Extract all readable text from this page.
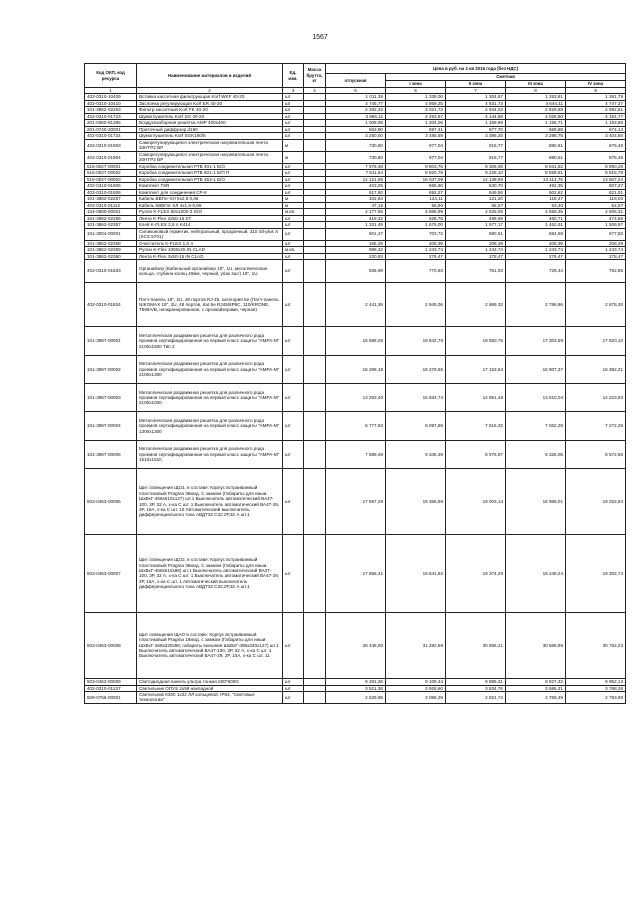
1567
Код ОКП, код ресурса	Наименование материалов и изделий	Ед. изм.	Масса брутто, кг	Цена в руб. на 2 кв 2016 года (без НДС)				
				отпускная	Сметная			
					I зона	II зона	III зона	IV зона
1	2	3	4	5	6	7	8	9
402-0310-10409	Вставка кассетная фильтрующая Korf WKF 40-20	шт		1 011,36	1 339,00	1 304,57	1 253,81	1 281,79
402-0310-10410	Заслонка регулирующая Korf ER 40-20	шт		3 745,77	4 959,25	4 831,73	4 644,11	4 747,37
101-3862-02263	Фильтр кассетный Korf FK 40-20	шт		2 282,33	3 021,72	2 944,02	2 829,69	2 892,61
402-0310-01723	Шумоглушитель Korf SG 40-20	шт		3 966,11	4 253,67	4 144,58	4 025,60	4 154,77
201-0360-81385	Воздухозаборная решетка АМР 400х400	шт		1 008,05	1 204,06	1 169,99	1 156,71	1 153,85
201-0740-20001	Приточный диффузор d160	шт		563,90	697,41	677,70	669,98	674,14
402-0310-01724	Шумоглушитель Korf SGK160/6	шт		3 250,00	3 485,69	3 396,25	3 298,75	3 404,60
402-0310-01903	Саморегулирующаяся электрическая нагревательная лента 33НТР2 ВР	м		730,80	977,04	915,77	890,51	876,45
402-0310-01904	Саморегулирующаяся электрическая нагревательная лента 20НТР2 ВР	м		730,80	977,04	915,77	890,51	876,45
515-0027-00001	Коробка соединительная РТВ 401-1 Б/О	шт		7 978,48	9 803,76	9 306,06	8 631,92	8 890,26
515-0027-00002	Коробка соединительная РТВ 601-1 Б/П П	шт		7 911,64	9 820,79	9 228,10	8 559,61	8 815,78
515-0027-00003	Коробка соединительная РТВ 453-1 Б/О	шт		12 121,95	15 047,09	14 138,99	13 114,75	13 507,24
402-0310-01905	Комплект ТКR	шт		423,05	565,60	530,70	492,35	507,37
402-0310-01906	Комплект для соединения СР-6	шт		517,80	692,27	649,56	602,62	621,01
101-3862-02257	Кабель ВВГнг-ХЛ 5х2,5 0,66	м		102,84	124,11	121,20	118,47	119,03
402-0310-01112	Кабель КВВГнг-ХЛ 4х1,5-0,66	м		47,15	56,90	55,57	53,40	54,57
104-0680-00001	Рулон K-FLEX 50х1000-3 IGO	м.кв.		4 177,65	4 868,99	4 625,06	4 558,35	4 606,31
101-3862-02256	Лента K-Flex 3х50-15 ST	шт		419,32	528,76	496,69	460,71	474,56
101-3862-02357	Клей K-FLEX 2,6 л K414	шт		1 331,49	1 679,00	1 577,17	1 462,91	1 506,97
101-3004-00001	Силиконовый герметик, нейтральный, прозрачный, 310 Sil-plus X (SCS 5701)	шт		601,47	703,72	690,61	684,58	677,50
101-3862-02358	Очиститель K-FLEX 1,0 л	шт		165,26	208,39	208,39	208,39	208,39
101-3862-02359	Рулон K-Flex 1000х25 IN CLAD	м.кв.		986,32	1 243,74	1 243,74	1 243,74	1 243,74
101-3862-02360	Лента K-Flex 3х50-15 IN CLAD	шт		220,83	278,47	278,47	278,47	278,47
402-0310-01833	Органайзер (Кабельный органайзер 19", 1U, металлические кольца, глубина колец 40мм, черный, упак 2шт) 19", 1U	шт		638,99	770,83	751,03	729,44	752,85
402-0310-01834	Патч-панель 19", 2U, 48 портов RJ-45, категория 5е (Патч-панель NIKOMAX 19", 2U, 48 портов, Кат.5е RJ45/8P8C, 110/KRONE, T568A/B, неэкранированная, с органайзерами, черная)	шт		2 441,36	2 945,06	2 869,33	2 786,86	2 876,30
101-3987-00001	Металлическая раздвижная решетка для различного рода проемов сертифицированная на первый класс защиты "АМРА-М" 2100х1500 Тип 2	шт		16 698,05	19 842,76	19 560,75	17 303,59	17 820,10
101-3987-00002	Металлическая раздвижная решетка для различного рода проемов сертифицированная на первый класс защиты "АМРА-М" 2100х1300	шт		15 286,18	18 279,55	17 153,54	15 907,37	16 382,31
101-3987-00003	Металлическая раздвижная решетка для различного рода проемов сертифицированная на первый класс защиты "АМРА-М" 2100х1000	шт		13 253,40	15 834,74	14 891,48	13 810,04	14 223,63
101-3987-00004	Металлическая раздвижная решетка для различного рода проемов сертифицированная на первый класс защиты "АМРА-М" 1300х1300	шт		6 777,63	8 097,69	7 615,32	7 062,29	7 272,25
101-3987-00005	Металлическая раздвижная решетка для различного рода проемов сертифицированная на первый класс защиты "АМРА-М" 1510х1510	шт		7 889,49	9 345,39	8 976,97	8 325,05	8 572,56
503-0463-00005	Щит освещения ЩО1, в составе: Корпус встраиваемый пластиковый Pragma 36мод. С замком (Габариты для ниши: ШхВхГ-468х510х127) шт.1 Выключатель автоматический ВА47-100, 3Р, 32 А, х-ка С шт. 1 Выключатель автоматический ВА47-29, 2Р, 16А, х-ка С шт. 10 Автоматический выключатель дифференциального тока АВДТ32 С32 2Р,32 А шт.1	шт.		17 597,29	19 356,89	19 003,14	18 969,01	19 022,64
503-0463-00007	Щит освещения ЩО2, в составе: Корпус встраиваемый пластиковый Pragma 36мод. С замком (Габариты для ниши: ШхВхГ-468х510х86) шт.1 Выключатель автоматический ВА47-100, 3Р, 32 А, х-ка С шт. 1 Выключатель автоматический ВА47-29, 2Р, 16А, х-ка С шт. 1 Автоматический выключатель дифференциального тока АВДТ32 С32,2Р,32 А шт.1	шт		17 856,41	19 641,92	19 374,29	19 249,24	19 302,74
503-0463-00008	Щит освещения ЩАО в составе: Корпус встраиваемый пластиковый Pragma 18мод. с замком (Габариты для ниши: ШхВхГ-468х320х86; габариты внешние:ШхВхГ-498х340х127) шт.1 Выключатель автоматический ВА47-100, 3Р, 32 А, х-ка С шт. 1 Выключатель автоматический ВА47-29, 2Р, 10А, х-ка С шт. 11	шт		28 448,00	31 292,59	30 866,21	30 568,99	30 752,23
503-0463-00009	Светодиодная панель ультра тонкая 600*600G	шт		8 281,36	9 109,44	8 985,31	8 927,32	8 952,13
402-0310-01227	Светильник ОПУS 2х58 накладной	шт		3 521,36	3 926,60	3 834,76	3 685,21	3 768,28
509-0766-00001	Светильник К300 1х22 ЛЛ кольцевой, IP54, "Световые технологии"	шт		2 529,95	3 088,28	2 921,74	2 758,49	2 793,99
